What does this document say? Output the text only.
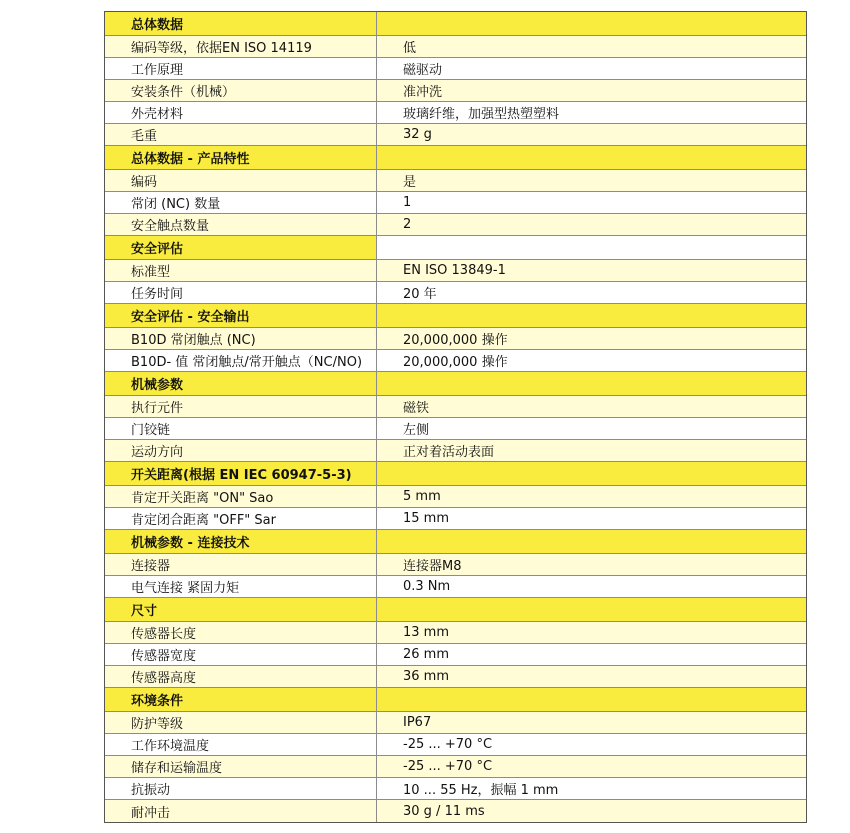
总体数据
编码等级，依据EN ISO 14119	低
工作原理	磁驱动
安装条件（机械）	准冲洗
外壳材料	玻璃纤维，加强型热塑塑料
毛重	32 g
总体数据 - 产品特性
编码	是
常闭 (NC) 数量	1
安全触点数量	2
安全评估
标准型	EN ISO 13849-1
任务时间	20 年
安全评估 - 安全输出
B10D 常闭触点 (NC)	20,000,000 操作
B10D- 值 常闭触点/常开触点（NC/NO)	20,000,000 操作
机械参数
执行元件	磁铁
门铰链	左侧
运动方向	正对着活动表面
开关距离(根据 EN IEC 60947-5-3)
肯定开关距离 "ON" Sao	5 mm
肯定闭合距离 "OFF" Sar	15 mm
机械参数 - 连接技术
连接器	连接器M8
电气连接 紧固力矩	0.3 Nm
尺寸
传感器长度	13 mm
传感器宽度	26 mm
传感器高度	36 mm
环境条件
防护等级	IP67
工作环境温度	-25 ... +70 °C
储存和运输温度	-25 ... +70 °C
抗振动	10 ... 55 Hz，振幅 1 mm
耐冲击	30 g / 11 ms
